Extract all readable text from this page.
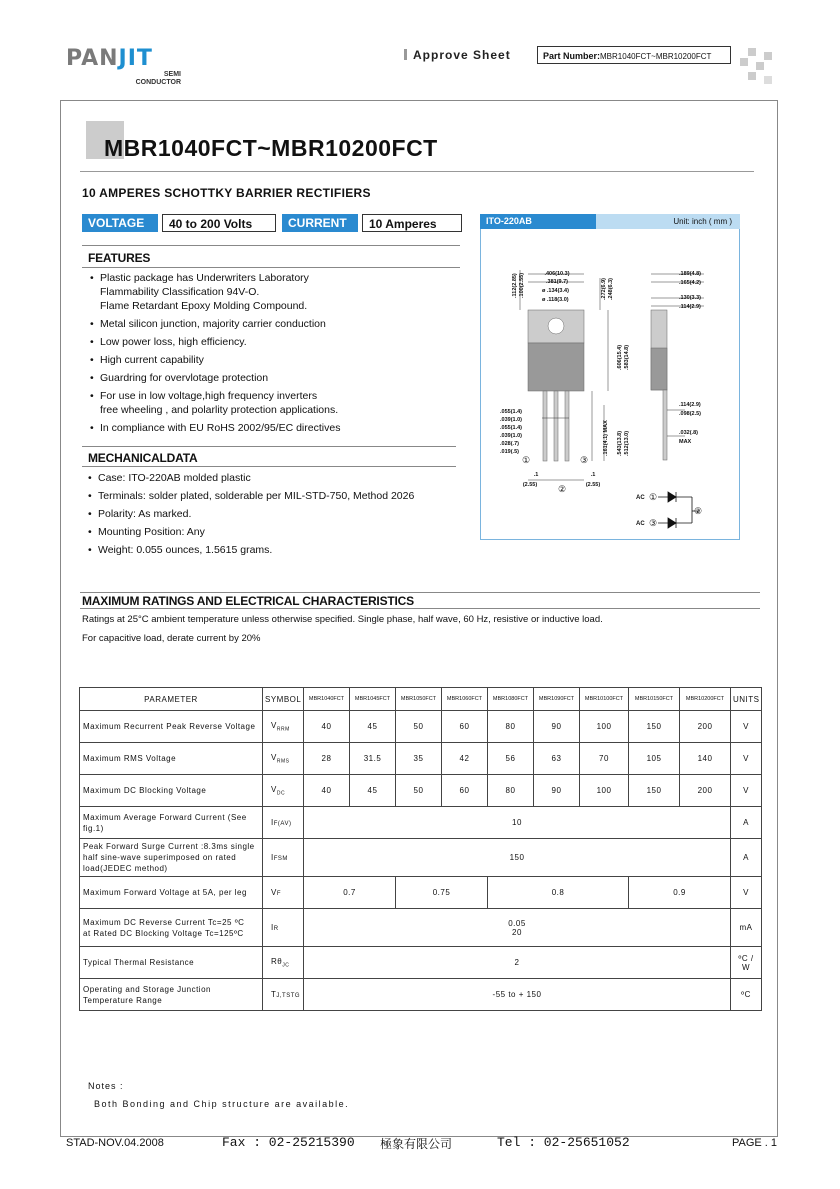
PANJIT
SEMI
CONDUCTOR
Approve Sheet	Part Number:MBR1040FCT~MBR10200FCT
MBR1040FCT~MBR10200FCT
10 AMPERES SCHOTTKY BARRIER RECTIFIERS
VOLTAGE	40 to 200 Volts	CURRENT	10 Amperes
FEATURES
• Plastic package has Underwriters Laboratory
Flammability Classification 94V-O.
Flame Retardant Epoxy Molding Compound.
• Metal silicon junction, majority carrier conduction
• Low power loss, high efficiency.
• High current capability
• Guardring for overvlotage protection
• For use in low voltage,high frequency inverters
free wheeling , and polarlity protection applications.
• In compliance with EU RoHS 2002/95/EC directives
MECHANICALDATA
• Case: ITO-220AB molded plastic
• Terminals: solder plated, solderable per MIL-STD-750, Method 2026
• Polarity: As marked.
• Mounting Position: Any
• Weight: 0.055 ounces, 1.5615 grams.
ITO-220AB	Unit: inch ( mm )
.406(10.3)
.381(9.7)
ø .134(3.4)
ø .118(3.0)
.112(2.85) .100(2.55)	.272(6.9) .248(6.3)
.189(4.8)
.165(4.2)
.130(3.3)
.114(2.9)
.606(15.4) .583(14.8)
.161(4.1) MAX .543(13.8) .512(13.0)
.114(2.9)
.098(2.5)
.032(.8)
MAX
.055(1.4)
.039(1.0)
.055(1.4)
.039(1.0)
.028(.7)
.019(.5)
.1
(2.55)
.1
(2.55)
①
②
③
AC
AC
①
③
②
MAXIMUM RATINGS AND ELECTRICAL CHARACTERISTICS
Ratings at 25°C ambient temperature unless otherwise specified. Single phase, half wave, 60 Hz, resistive or inductive load.
For capacitive load, derate current by 20%
PARAMETER	SYMBOL	MBR1040FCT	MBR1045FCT	MBR1050FCT	MBR1060FCT	MBR1080FCT	MBR1090FCT	MBR10100FCT	MBR10150FCT	MBR10200FCT	UNITS
Maximum Recurrent Peak Reverse Voltage	$V_{RRM}$	40	45	50	60	80	90	100	150	200	V
Maximum RMS Voltage	$V_{RMS}$	28	31.5	35	42	56	63	70	105	140	V
Maximum DC Blocking Voltage	$V_{DC}$	40	45	50	60	80	90	100	150	200	V
Maximum Average Forward Current (See
fig.1)	IF(AV)	10									A
Peak Forward Surge Current :8.3ms single
half sine-wave superimposed on rated
load(JEDEC method)	IFSM	150									A
Maximum Forward Voltage at 5A, per leg	VF	0.7		0.75		0.8			0.9		V
Maximum DC Reverse Current Tc=25 ºC
at Rated DC Blocking Voltage Tc=125ºC	IR	0.05
20									mA
Typical Thermal Resistance	$R\theta_{JC}$	2									ºC /
W
Operating and Storage Junction
Temperature Range	TJ,TSTG	-55 to + 150									ºC
Notes :
Both Bonding and Chip structure are available.
STAD-NOV.04.2008	Fax : 02-25215390 極象有限公司	Tel : 02-25651052	PAGE . 1
